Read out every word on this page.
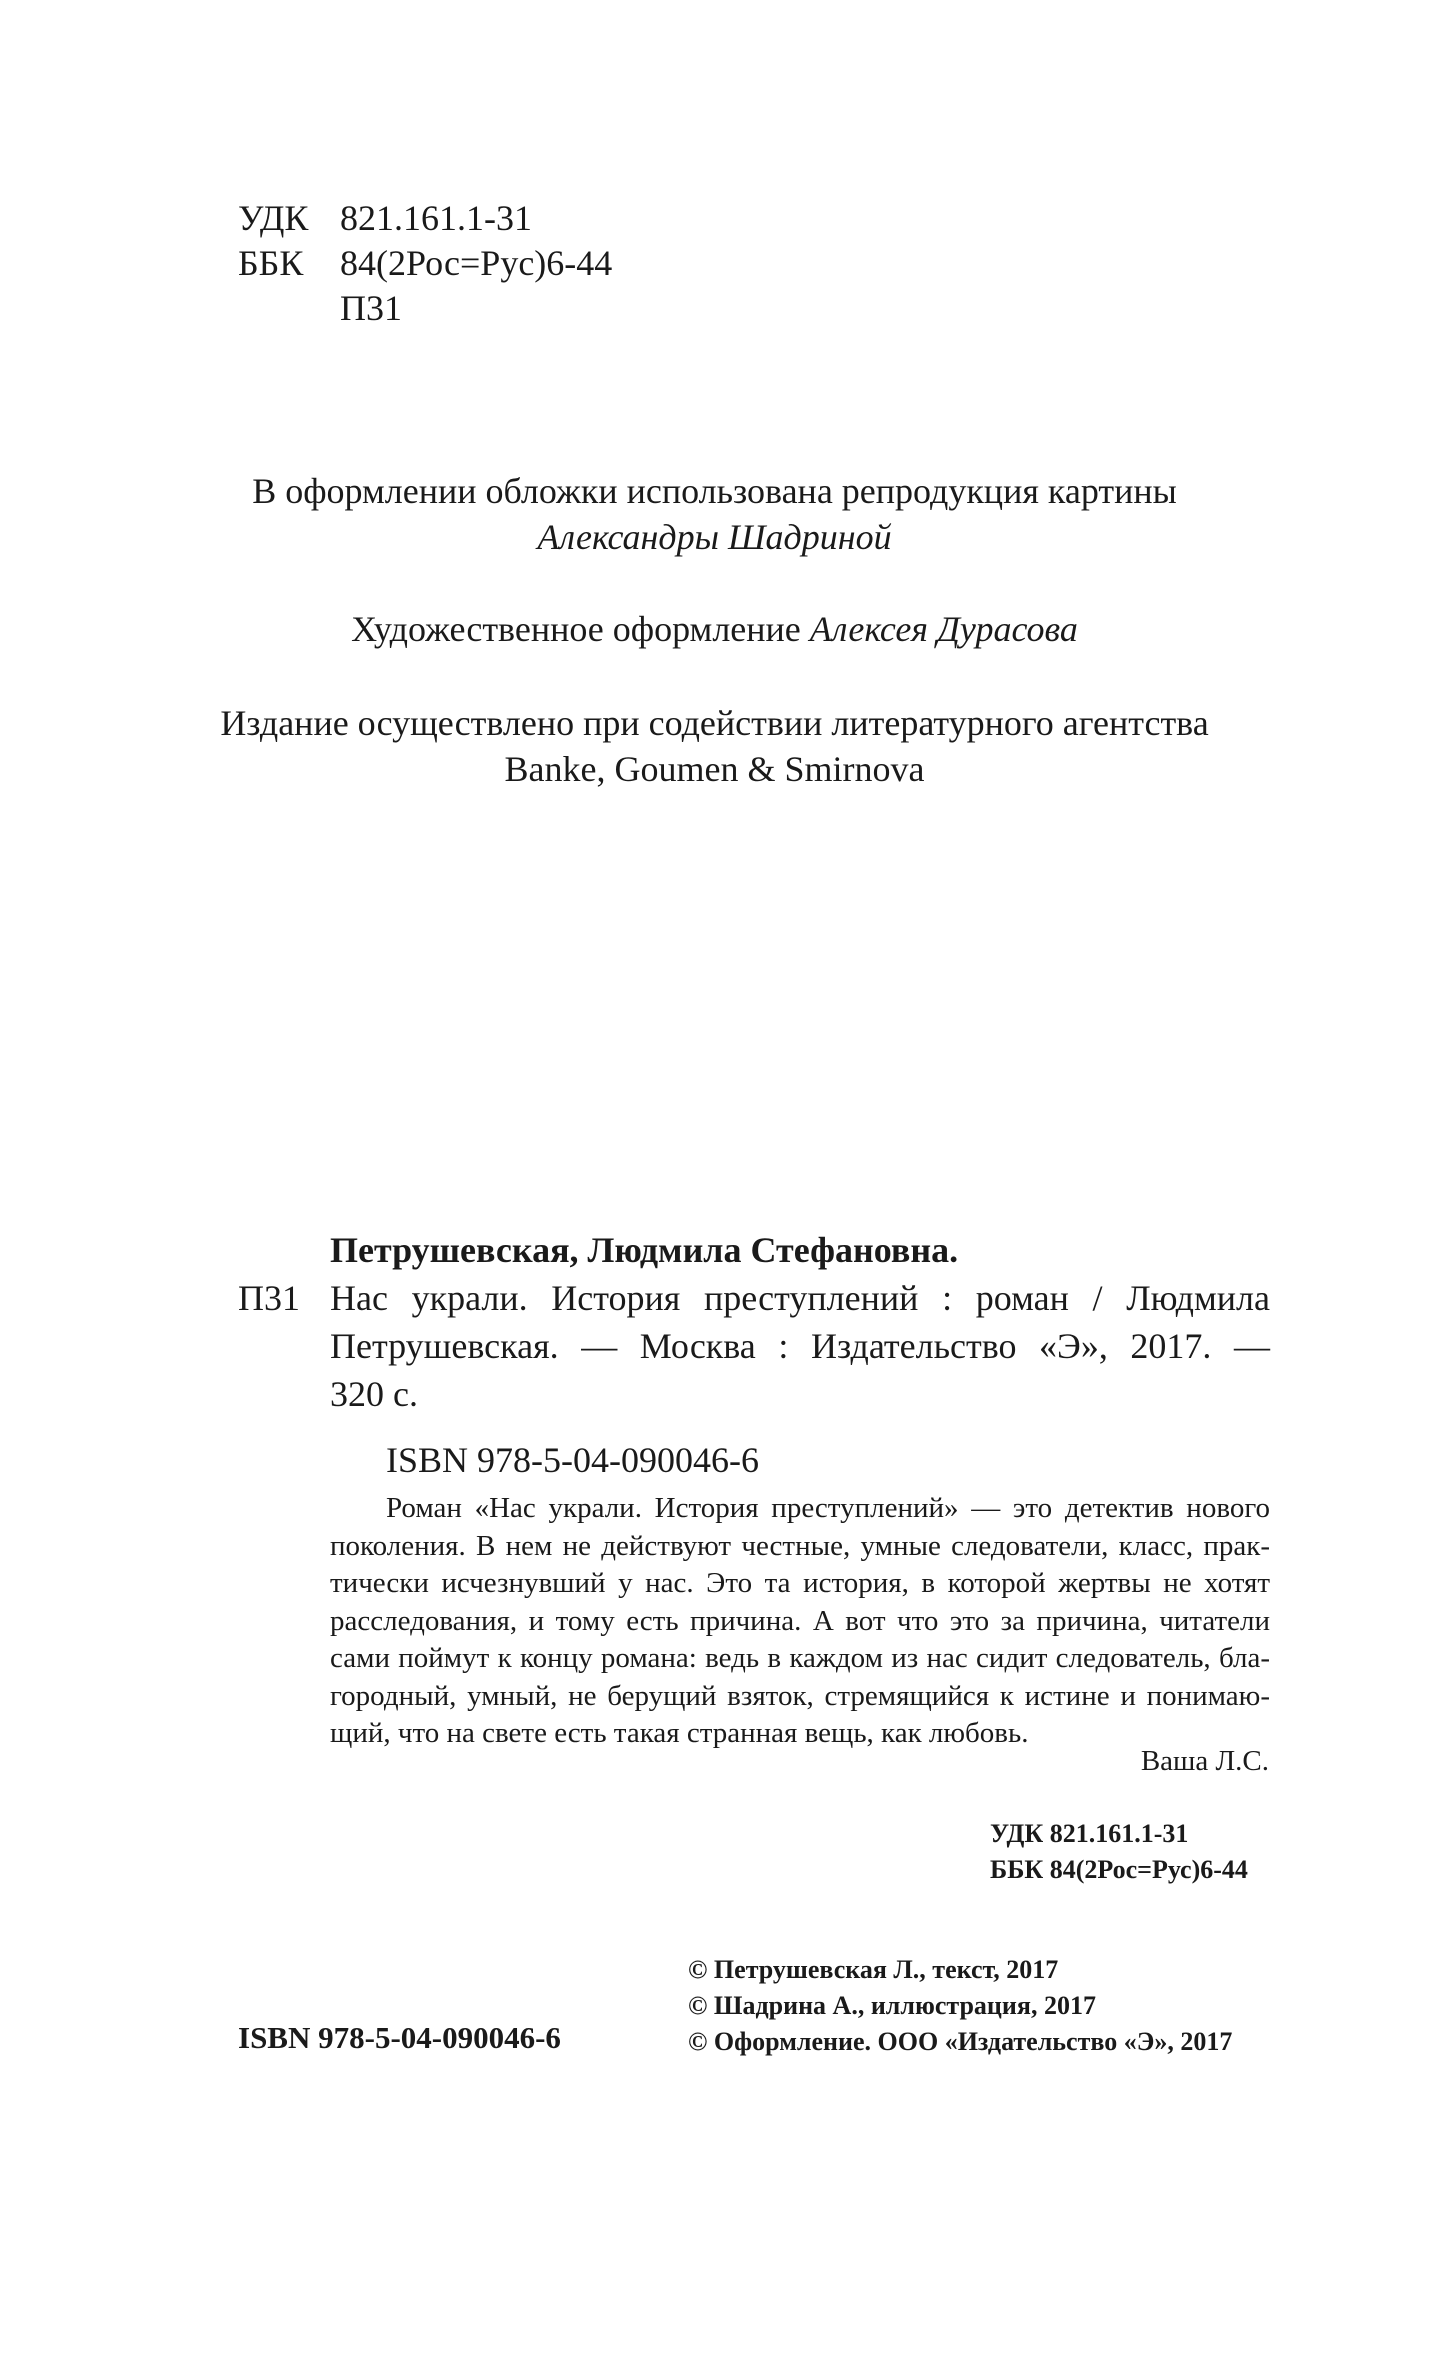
УДК 821.161.1-31
ББК 84(2Рос=Рус)6-44
П31
В оформлении обложки использована репродукция картины
Александры Шадриной
Художественное оформление Алексея Дурасова
Издание осуществлено при содействии литературного агентства
Banke, Goumen & Smirnova
Петрушевская, Людмила Стефановна.
П31 Нас украли. История преступлений : роман / Людмила
Петрушевская. — Москва : Издательство «Э», 2017. —
320 с.
ISBN 978-5-04-090046-6
Роман «Нас украли. История преступлений» — это детектив нового
поколения. В нем не действуют честные, умные следователи, класс, прак-
тически исчезнувший у нас. Это та история, в которой жертвы не хотят
расследования, и тому есть причина. А вот что это за причина, читатели
сами поймут к концу романа: ведь в каждом из нас сидит следователь, бла-
городный, умный, не берущий взяток, стремящийся к истине и понимаю-
щий, что на свете есть такая странная вещь, как любовь.
Ваша Л.С.
УДК 821.161.1-31
ББК 84(2Рос=Рус)6-44
ISBN 978-5-04-090046-6
© Петрушевская Л., текст, 2017
© Шадрина А., иллюстрация, 2017
© Оформление. ООО «Издательство «Э», 2017
